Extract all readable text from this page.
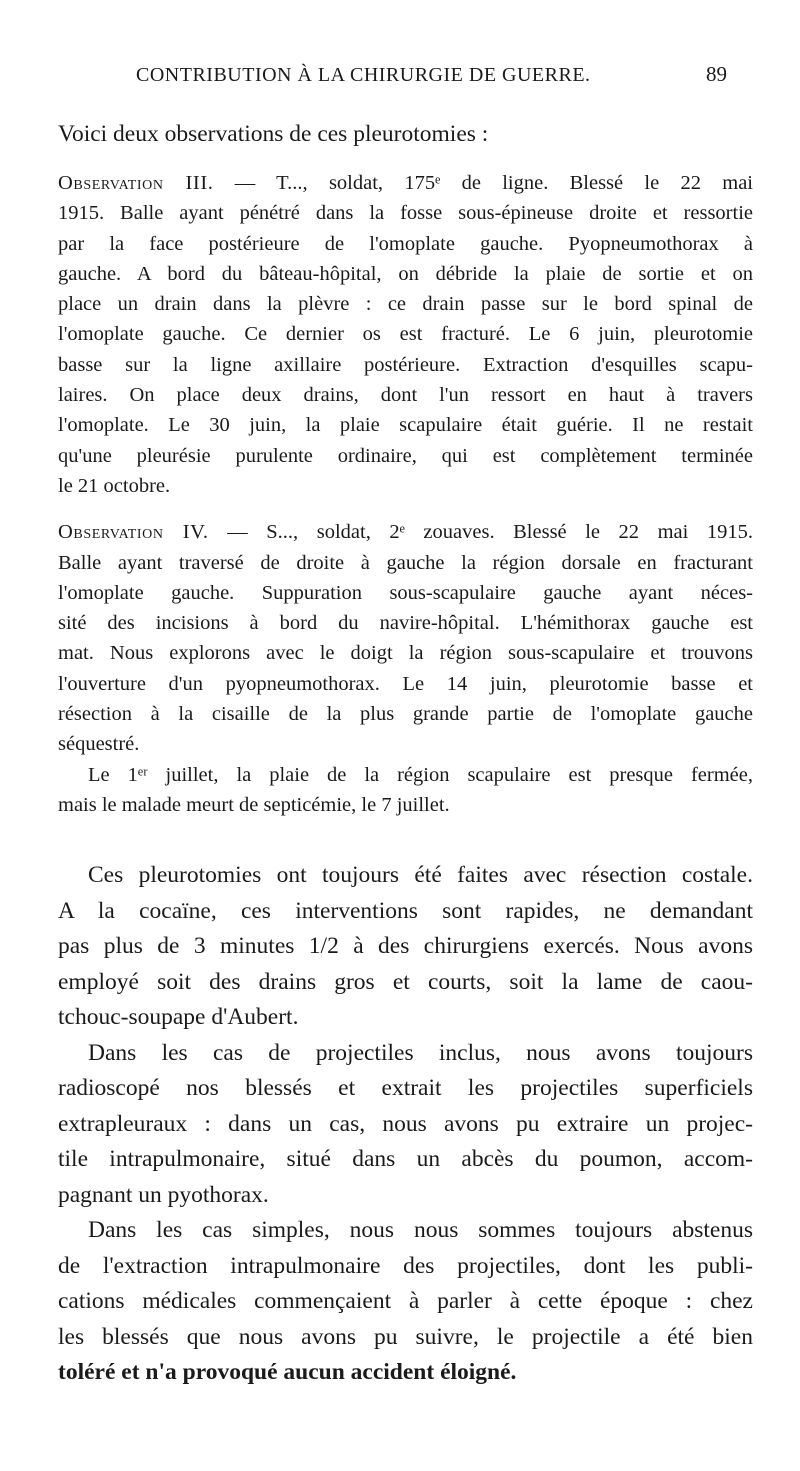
CONTRIBUTION À LA CHIRURGIE DE GUERRE.	89
Voici deux observations de ces pleurotomies :
Observation III. — T..., soldat, 175ᵉ de ligne. Blessé le 22 mai
1915. Balle ayant pénétré dans la fosse sous-épineuse droite et ressortie
par la face postérieure de l'omoplate gauche. Pyopneumothorax à
gauche. A bord du bâteau-hôpital, on débride la plaie de sortie et on
place un drain dans la plèvre : ce drain passe sur le bord spinal de
l'omoplate gauche. Ce dernier os est fracturé. Le 6 juin, pleurotomie
basse sur la ligne axillaire postérieure. Extraction d'esquilles scapu-
laires. On place deux drains, dont l'un ressort en haut à travers
l'omoplate. Le 30 juin, la plaie scapulaire était guérie. Il ne restait
qu'une pleurésie purulente ordinaire, qui est complètement terminée
le 21 octobre.
Observation IV. — S..., soldat, 2ᵉ zouaves. Blessé le 22 mai 1915.
Balle ayant traversé de droite à gauche la région dorsale en fracturant
l'omoplate gauche. Suppuration sous-scapulaire gauche ayant néces-
sité des incisions à bord du navire-hôpital. L'hémithorax gauche est
mat. Nous explorons avec le doigt la région sous-scapulaire et trouvons
l'ouverture d'un pyopneumothorax. Le 14 juin, pleurotomie basse et
résection à la cisaille de la plus grande partie de l'omoplate gauche
séquestré.
Le 1ᵉʳ juillet, la plaie de la région scapulaire est presque fermée,
mais le malade meurt de septicémie, le 7 juillet.
Ces pleurotomies ont toujours été faites avec résection costale.
A la cocaïne, ces interventions sont rapides, ne demandant
pas plus de 3 minutes 1/2 à des chirurgiens exercés. Nous avons
employé soit des drains gros et courts, soit la lame de caou-
tchouc-soupape d'Aubert.
Dans les cas de projectiles inclus, nous avons toujours
radioscopé nos blessés et extrait les projectiles superficiels
extrapleuraux : dans un cas, nous avons pu extraire un projec-
tile intrapulmonaire, situé dans un abcès du poumon, accom-
pagnant un pyothorax.
Dans les cas simples, nous nous sommes toujours abstenus
de l'extraction intrapulmonaire des projectiles, dont les publi-
cations médicales commençaient à parler à cette époque : chez
les blessés que nous avons pu suivre, le projectile a été bien
toléré et n'a provoqué aucun accident éloigné.
